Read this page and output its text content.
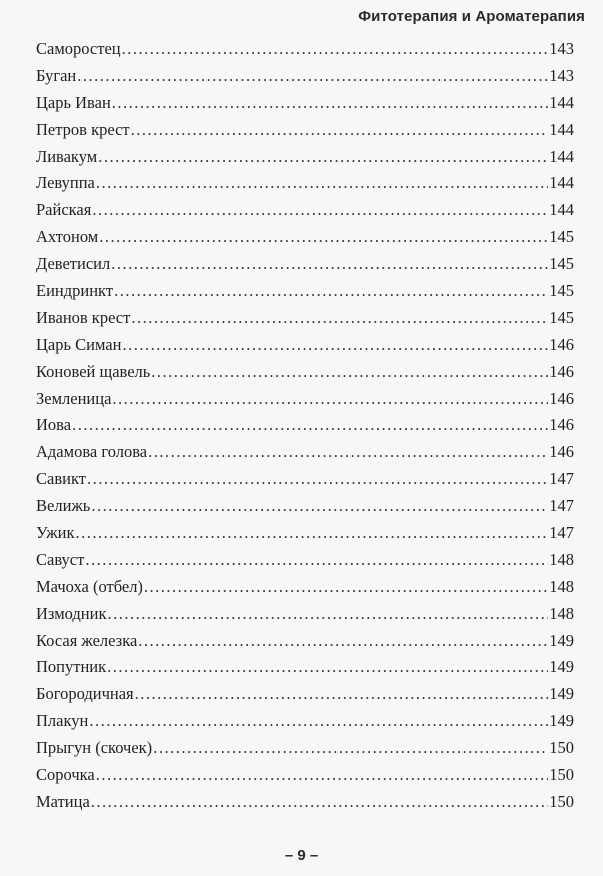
Фитотерапия и Ароматерапия
Саморостец .....	143
Буган .....	143
Царь Иван .....	144
Петров крест .....	144
Ливакум .....	144
Левуппа .....	144
Райская .....	144
Ахтоном .....	145
Деветисил .....	145
Еиндринкт .....	145
Иванов крест .....	145
Царь Симан .....	146
Коновей щавель .....	146
Земленица .....	146
Иова .....	146
Адамова голова .....	146
Савикт .....	147
Велижь .....	147
Ужик .....	147
Савуст .....	148
Мачоха (отбел) .....	148
Измодник .....	148
Косая железка .....	149
Попутник .....	149
Богородичная .....	149
Плакун .....	149
Прыгун (скочек) .....	150
Сорочка .....	150
Матица .....	150
– 9 –
